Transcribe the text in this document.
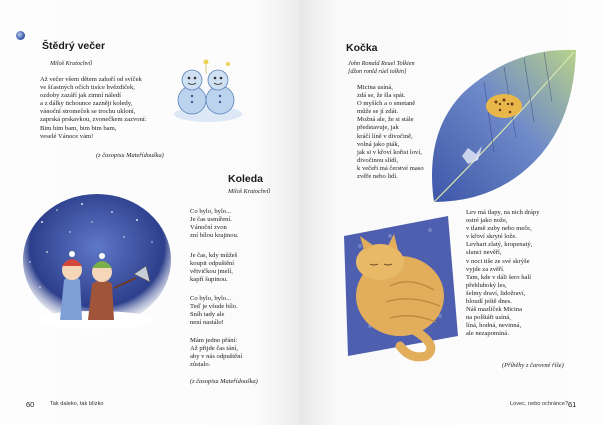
Štědrý večer

Miloš Kratochvíl

Až večer všem dětem zahoří od svíček
ve šťastných očích tisíce hvězdiček,
ozdoby zazáří jak zimní náledí
a z dálky tichounce zazněji koledy,
vánoční stromeček se trochu ukloní,
zaprská prskavkou, zvonečkem zazvoní:
Bim bim bam, bim bim bam,
veselé Vánoce vám!

(z časopisu Mateřídouška)

Koleda

Miloš Kratochvíl

Co bylo, bylo...
Je čas usmíření.
Vánoční zvon
zní bílou krajinou.

Je čas, kdy můžeš
koupit odpuštění
větvičkou jmelí,
kapří šupinou.

Co bylo, bylo...
Teď je všude bílo.
Sníh tady ale
není nastálo!

Mám jedno přání:
Až přijde čas tání,
aby v nás odpuštění
zůstalo.

(z časopisu Mateřídouška)

60	Tak daleko, tak blízko

Kočka

John Ronald Reuel Tolkien
[džon ronld rúel tolkin]

Micina usíná,
zdá se, že šla spát.
O myších a o smetaně
může se jí zdát.
Možná ale, že si stále
představuje, jak
kráčí líně v divočině,
volná jako pták,
jak si v křoví kořist loví,
divočinou slídí,
k večeři má čerstvé maso
zvěře nebo lidí.

Lev má tlapy, na nich drápy
ostré jako nože,
v tlamě zuby nebo meče,
v křoví skryté lože.
Levhart zlatý, kropenatý,
slunci nevěří,
v noci tiše ze své skrýše
vyjde za zvěří.
Tam, kde v dáli šero halí
přehluboký les,
šelmy draví, lidožraví,
bloudí ještě dnes.
Náš mazlíček Micina
na polštáři usíná,
líná, hodná, nevinná,
ale nezapomíná.

(Příběhy z čarovné říše)

Lovec, nebo ochránce? 61
